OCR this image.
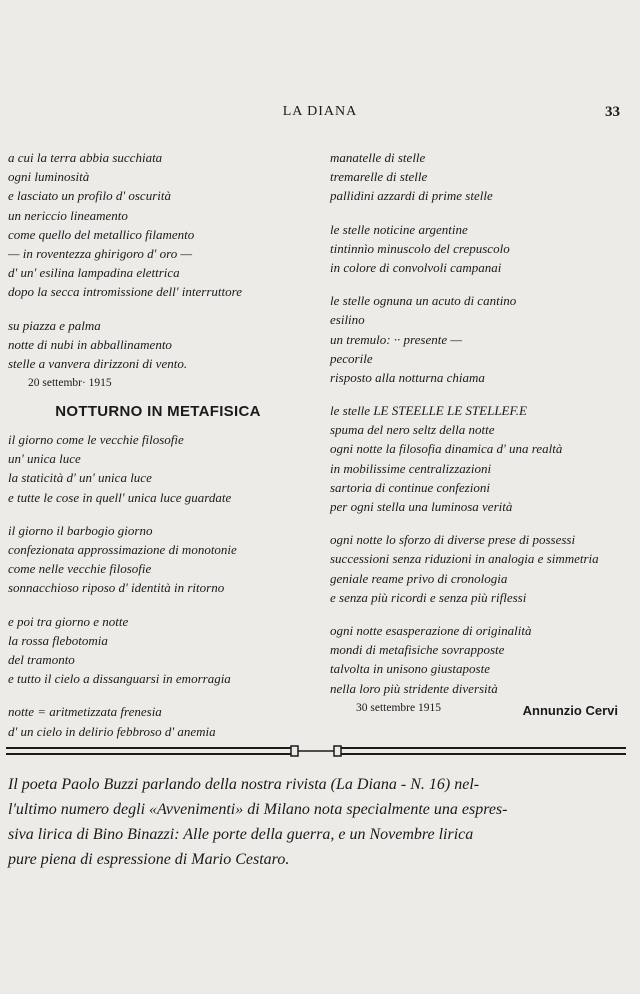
LA DIANA	33
a cui la terra abbia succhiata
ogni luminosità
e lasciato un profilo d' oscurità
un nericcio lineamento
come quello del metallico filamento
— in roventezza ghirigoro d' oro —
d' un' esilina lampadina elettrica
dopo la secca intromissione dell' interruttore
su piazza e palma
notte di nubi in abballinamento
stelle a vanvera dirizzoni di vento.
20 settembr· 1915
NOTTURNO IN METAFISICA
il giorno come le vecchie filosofie
un' unica luce
la staticità d' un' unica luce
e tutte le cose in quell' unica luce guardate
il giorno il barbogio giorno
confezionata approssimazione di monotonie
come nelle vecchie filosofie
sonnacchioso riposo d' identità in ritorno
e poi tra giorno e notte
la rossa flebotomia
del tramonto
e tutto il cielo a dissanguarsi in emorragia
notte = aritmetizzata frenesia
d' un cielo in delirio febbroso d' anemia
manatelle di stelle
tremarelle di stelle
pallidini azzardi di prime stelle
le stelle noticine argentine
tintinnìo minuscolo del crepuscolo
in colore di convolvoli campanai
le stelle ognuna un acuto di cantino
esilino
un tremulo: ·· presente —
pecorile
risposto alla notturna chiama
le stelle LE STEELLE LE STELLEF.E
spuma del nero seltz della notte
ogni notte la filosofia dinamica d' una realtà
in mobilissime centralizzazioni
sartoria di continue confezioni
per ogni stella una luminosa verità
ogni notte lo sforzo di diverse prese di possessi
successioni senza riduzioni in analogia e simmetria
geniale reame privo di cronologia
e senza più ricordi e senza più riflessi
ogni notte esasperazione di originalità
mondi di metafisiche sovrapposte
talvolta in unisono giustaposte
nella loro più stridente diversità
30 settembre 1915	Annunzio Cervi
Il poeta Paolo Buzzi parlando della nostra rivista (La Diana - N. 16) nel-
l'ultimo numero degli «Avvenimenti» di Milano nota specialmente una espres-
siva lirica di Bino Binazzi: Alle porte della guerra, e un Novembre lirica
pure piena di espressione di Mario Cestaro.
